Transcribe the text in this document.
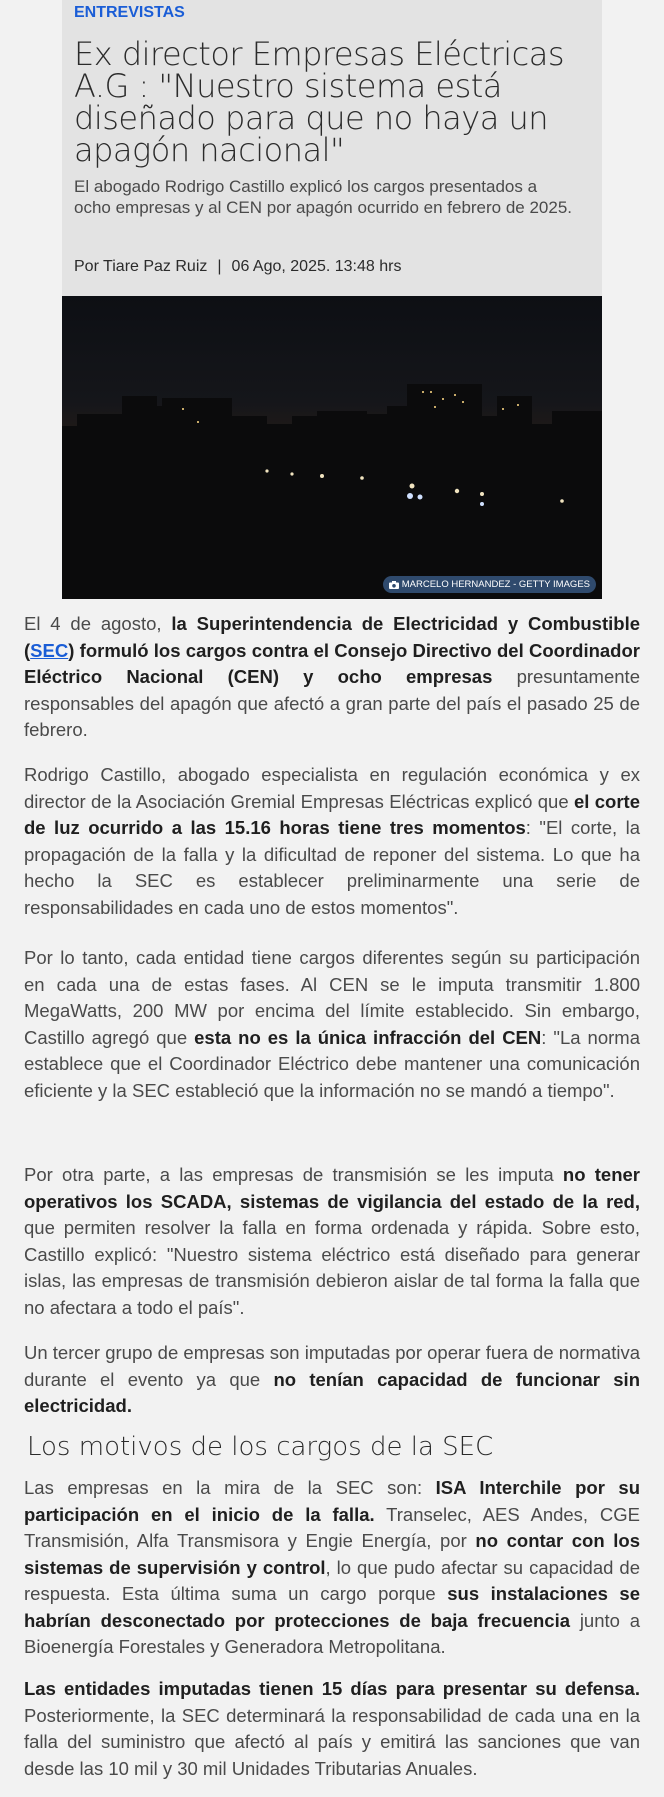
ENTREVISTAS
Ex director Empresas Eléctricas A.G : "Nuestro sistema está diseñado para que no haya un apagón nacional"

El abogado Rodrigo Castillo explicó los cargos presentados a ocho empresas y al CEN por apagón ocurrido en febrero de 2025.

Por Tiare Paz Ruiz | 06 Ago, 2025. 13:48 hrs
MARCELO HERNANDEZ - GETTY IMAGES

El 4 de agosto, la Superintendencia de Electricidad y Combustible (SEC) formuló los cargos contra el Consejo Directivo del Coordinador Eléctrico Nacional (CEN) y ocho empresas presuntamente responsables del apagón que afectó a gran parte del país el pasado 25 de febrero.

Rodrigo Castillo, abogado especialista en regulación económica y ex director de la Asociación Gremial Empresas Eléctricas explicó que el corte de luz ocurrido a las 15.16 horas tiene tres momentos: "El corte, la propagación de la falla y la dificultad de reponer del sistema. Lo que ha hecho la SEC es establecer preliminarmente una serie de responsabilidades en cada uno de estos momentos".

Por lo tanto, cada entidad tiene cargos diferentes según su participación en cada una de estas fases. Al CEN se le imputa transmitir 1.800 MegaWatts, 200 MW por encima del límite establecido. Sin embargo, Castillo agregó que esta no es la única infracción del CEN: "La norma establece que el Coordinador Eléctrico debe mantener una comunicación eficiente y la SEC estableció que la información no se mandó a tiempo".

Por otra parte, a las empresas de transmisión se les imputa no tener operativos los SCADA, sistemas de vigilancia del estado de la red, que permiten resolver la falla en forma ordenada y rápida. Sobre esto, Castillo explicó: "Nuestro sistema eléctrico está diseñado para generar islas, las empresas de transmisión debieron aislar de tal forma la falla que no afectara a todo el país".

Un tercer grupo de empresas son imputadas por operar fuera de normativa durante el evento ya que no tenían capacidad de funcionar sin electricidad.

Los motivos de los cargos de la SEC

Las empresas en la mira de la SEC son: ISA Interchile por su participación en el inicio de la falla. Transelec, AES Andes, CGE Transmisión, Alfa Transmisora y Engie Energía, por no contar con los sistemas de supervisión y control, lo que pudo afectar su capacidad de respuesta. Esta última suma un cargo porque sus instalaciones se habrían desconectado por protecciones de baja frecuencia junto a Bioenergía Forestales y Generadora Metropolitana.

Las entidades imputadas tienen 15 días para presentar su defensa. Posteriormente, la SEC determinará la responsabilidad de cada una en la falla del suministro que afectó al país y emitirá las sanciones que van desde las 10 mil y 30 mil Unidades Tributarias Anuales.
